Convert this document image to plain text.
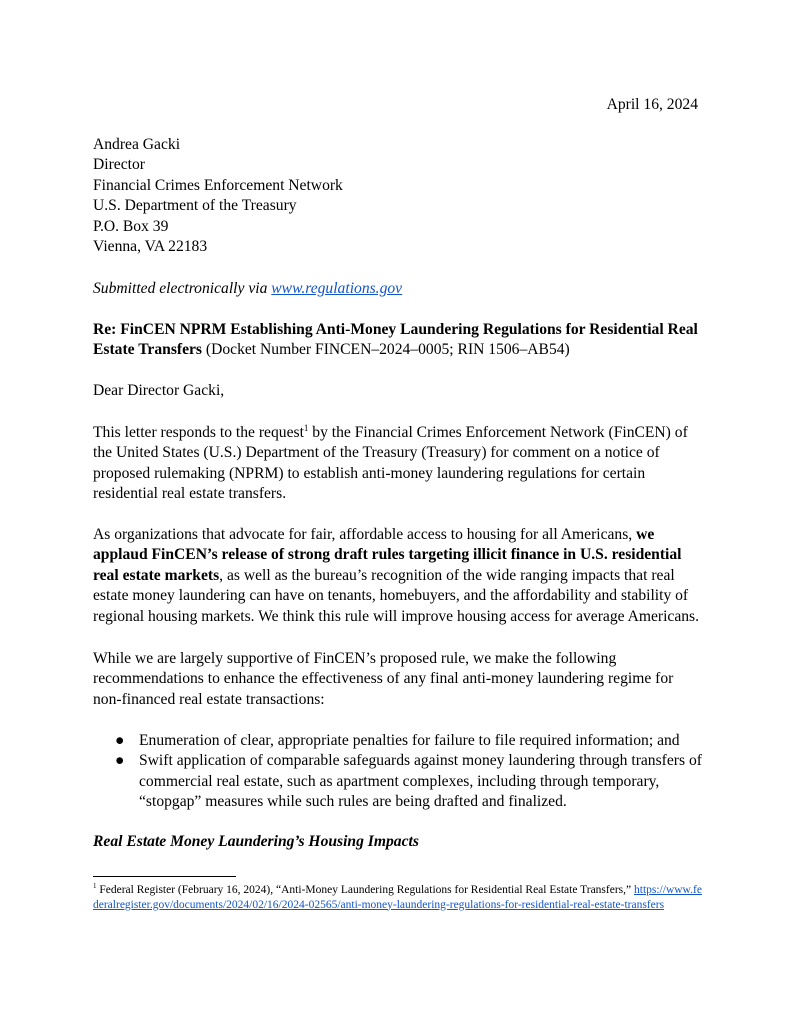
April 16, 2024
Andrea Gacki
Director
Financial Crimes Enforcement Network
U.S. Department of the Treasury
P.O. Box 39
Vienna, VA 22183

Submitted electronically via www.regulations.gov

Re: FinCEN NPRM Establishing Anti-Money Laundering Regulations for Residential Real Estate Transfers (Docket Number FINCEN–2024–0005; RIN 1506–AB54)

Dear Director Gacki,

This letter responds to the request$^1$ by the Financial Crimes Enforcement Network (FinCEN) of the United States (U.S.) Department of the Treasury (Treasury) for comment on a notice of proposed rulemaking (NPRM) to establish anti-money laundering regulations for certain residential real estate transfers.

As organizations that advocate for fair, affordable access to housing for all Americans, we applaud FinCEN’s release of strong draft rules targeting illicit finance in U.S. residential real estate markets, as well as the bureau’s recognition of the wide ranging impacts that real estate money laundering can have on tenants, homebuyers, and the affordability and stability of regional housing markets. We think this rule will improve housing access for average Americans.

While we are largely supportive of FinCEN’s proposed rule, we make the following recommendations to enhance the effectiveness of any final anti-money laundering regime for non-financed real estate transactions:

● Enumeration of clear, appropriate penalties for failure to file required information; and
● Swift application of comparable safeguards against money laundering through transfers of commercial real estate, such as apartment complexes, including through temporary, “stopgap” measures while such rules are being drafted and finalized.

Real Estate Money Laundering’s Housing Impacts

$^1$ Federal Register (February 16, 2024), “Anti-Money Laundering Regulations for Residential Real Estate Transfers,” https://www.federalregister.gov/documents/2024/02/16/2024-02565/anti-money-laundering-regulations-for-residential-real-estate-transfers
